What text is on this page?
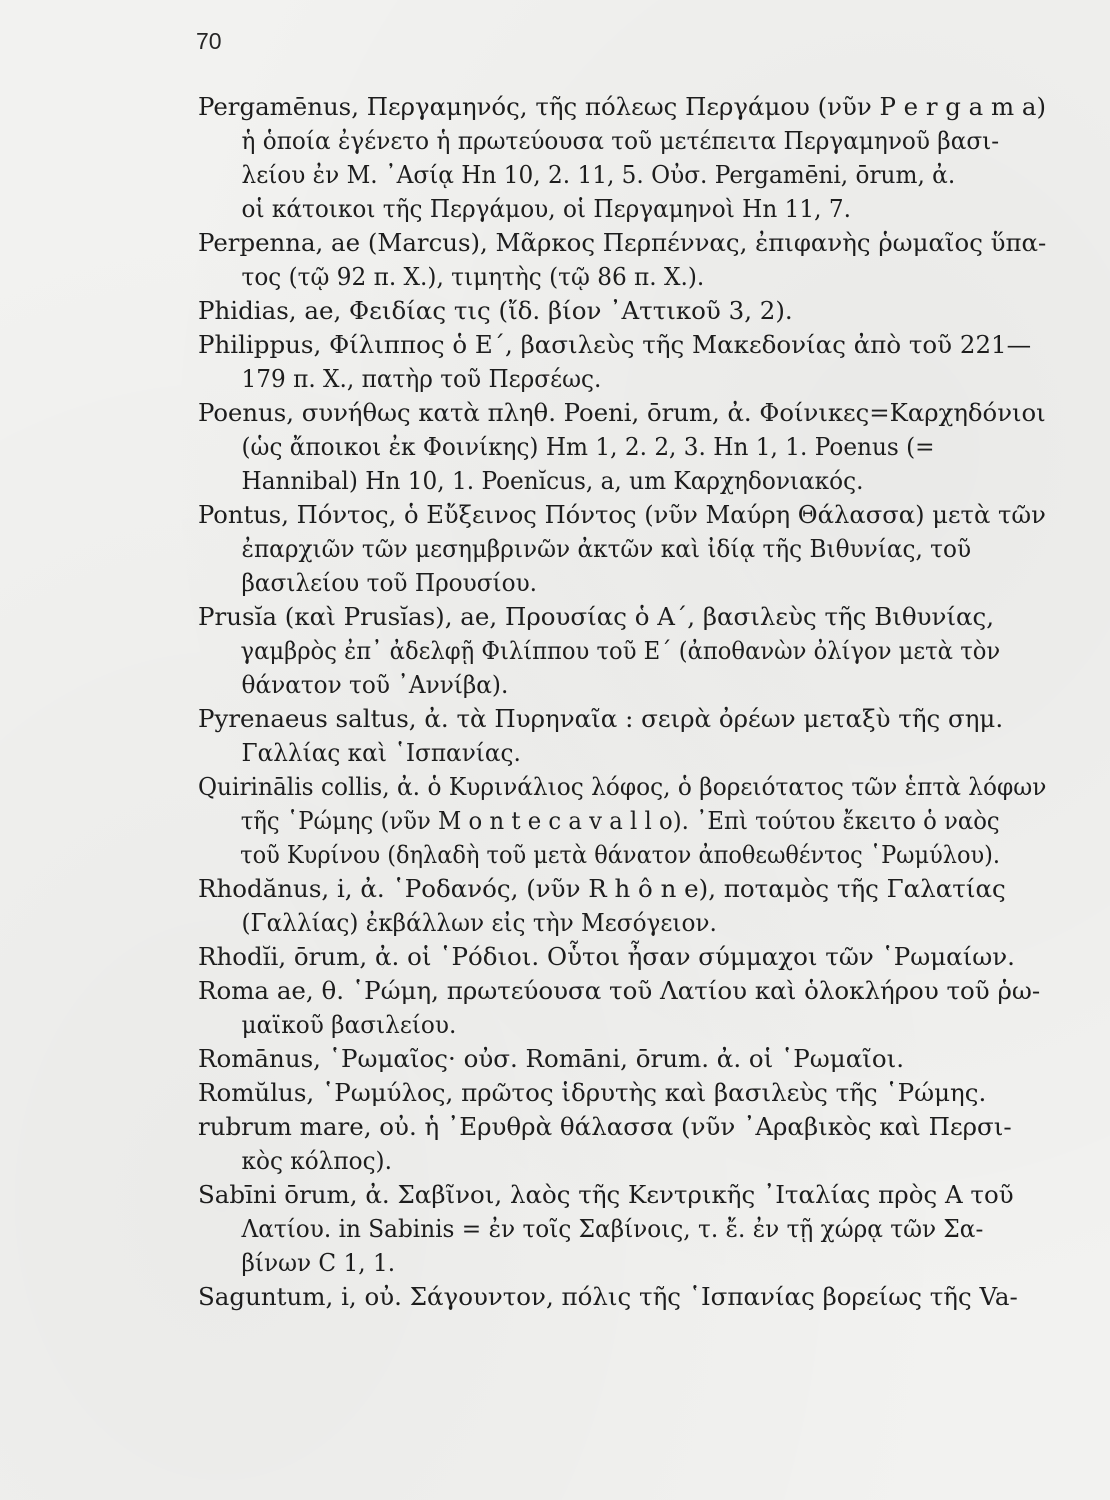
70

Pergamēnus, Περγαμηνός, τῆς πόλεως Περγάμου (νῦν P e r g a m a)
ἡ ὁποία ἐγένετο ἡ πρωτεύουσα τοῦ μετέπειτα Περγαμηνοῦ βασι-
λείου ἐν Μ. ᾿Ασίᾳ Hn 10, 2. 11, 5. Οὐσ. Pergamēni, ōrum, ἀ.
οἱ κάτοικοι τῆς Περγάμου, οἱ Περγαμηνοὶ Hn 11, 7.

Perpenna, ae (Marcus), Μᾶρκος Περπέννας, ἐπιφανὴς ῥωμαῖος ὕπα-
τος (τῷ 92 π. Χ.), τιμητὴς (τῷ 86 π. Χ.).

Phidias, ae, Φειδίας τις (ἴδ. βίον ᾿Αττικοῦ 3, 2).

Philippus, Φίλιππος ὁ Ε΄, βασιλεὺς τῆς Μακεδονίας ἀπὸ τοῦ 221—
179 π. Χ., πατὴρ τοῦ Περσέως.

Poenus, συνήθως κατὰ πληθ. Poeni, ōrum, ἀ. Φοίνικες=Καρχηδόνιοι
(ὡς ἄποικοι ἐκ Φοινίκης) Hm 1, 2. 2, 3. Hn 1, 1. Poenus (=
Hannibal) Hn 10, 1. Poenĭcus, a, um Καρχηδονιακός.

Pontus, Πόντος, ὁ Εὔξεινος Πόντος (νῦν Μαύρη Θάλασσα) μετὰ τῶν
ἐπαρχιῶν τῶν μεσημβρινῶν ἀκτῶν καὶ ἰδίᾳ τῆς Βιθυνίας, τοῦ
βασιλείου τοῦ Προυσίου.

Prusĭa (καὶ Prusĭas), ae, Προυσίας ὁ Α΄, βασιλεὺς τῆς Βιθυνίας,
γαμβρὸς ἐπ᾿ ἀδελφῇ Φιλίππου τοῦ Ε΄ (ἀποθανὼν ὀλίγον μετὰ τὸν
θάνατον τοῦ ᾿Αννίβα).

Pyrenaeus saltus, ἀ. τὰ Πυρηναῖα : σειρὰ ὀρέων μεταξὺ τῆς σημ.
Γαλλίας καὶ ῾Ισπανίας.

Quirinālis collis, ἀ. ὁ Κυρινάλιος λόφος, ὁ βορειότατος τῶν ἑπτὰ λόφων
τῆς ῾Ρώμης (νῦν M o n t e c a v a l l o). ᾿Επὶ τούτου ἔκειτο ὁ ναὸς
τοῦ Κυρίνου (δηλαδὴ τοῦ μετὰ θάνατον ἀποθεωθέντος ῾Ρωμύλου).

Rhodănus, i, ἀ. ῾Ροδανός, (νῦν R h ô n e), ποταμὸς τῆς Γαλατίας
(Γαλλίας) ἐκβάλλων εἰς τὴν Μεσόγειον.

Rhodĭi, ōrum, ἀ. οἱ ῾Ρόδιοι. Οὗτοι ἦσαν σύμμαχοι τῶν ῾Ρωμαίων.

Roma ae, θ. ῾Ρώμη, πρωτεύουσα τοῦ Λατίου καὶ ὁλοκλήρου τοῦ ῥω-
μαϊκοῦ βασιλείου.

Romānus, ῾Ρωμαῖος· οὐσ. Romāni, ōrum. ἀ. οἱ ῾Ρωμαῖοι.

Romŭlus, ῾Ρωμύλος, πρῶτος ἱδρυτὴς καὶ βασιλεὺς τῆς ῾Ρώμης.

rubrum mare, οὐ. ἡ ᾿Ερυθρὰ θάλασσα (νῦν ᾿Αραβικὸς καὶ Περσι-
κὸς κόλπος).

Sabīni ōrum, ἀ. Σαβῖνοι, λαὸς τῆς Κεντρικῆς ᾿Ιταλίας πρὸς Α τοῦ
Λατίου. in Sabinis = ἐν τοῖς Σαβίνοις, τ. ἔ. ἐν τῇ χώρᾳ τῶν Σα-
βίνων C 1, 1.

Saguntum, i, οὐ. Σάγουντον, πόλις τῆς ῾Ισπανίας βορείως τῆς Va-
